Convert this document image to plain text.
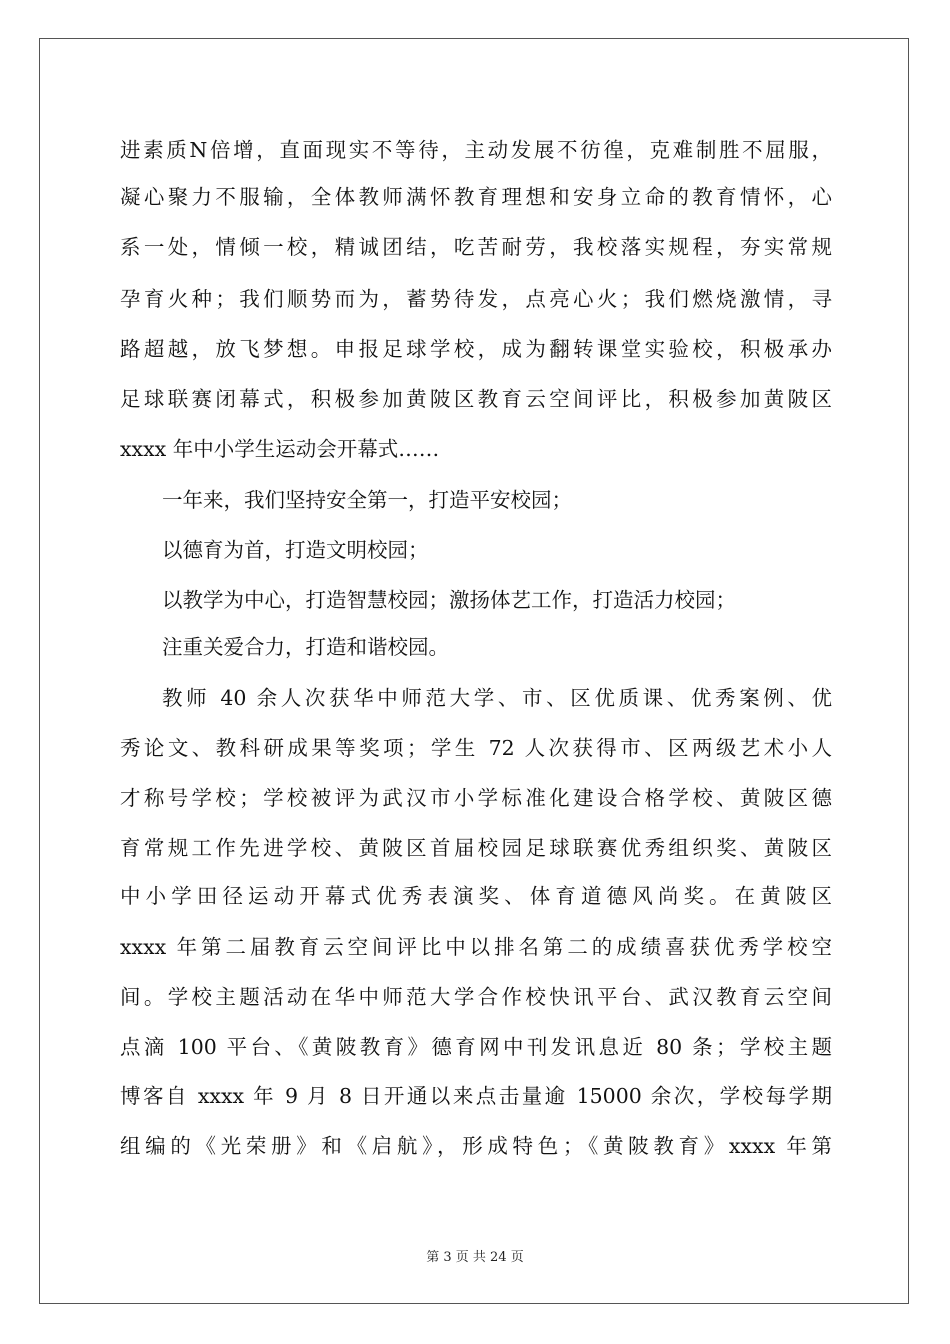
进素质N倍增，直面现实不等待，主动发展不彷徨，克难制胜不屈服，

凝心聚力不服输，全体教师满怀教育理想和安身立命的教育情怀，心

系一处，情倾一校，精诚团结，吃苦耐劳，我校落实规程，夯实常规

孕育火种；我们顺势而为，蓄势待发，点亮心火；我们燃烧激情，寻

路超越，放飞梦想。申报足球学校，成为翻转课堂实验校，积极承办

足球联赛闭幕式，积极参加黄陂区教育云空间评比，积极参加黄陂区

xxxx 年中小学生运动会开幕式……

一年来，我们坚持安全第一，打造平安校园；

以德育为首，打造文明校园；

以教学为中心，打造智慧校园；激扬体艺工作，打造活力校园；

注重关爱合力，打造和谐校园。

教师 40 余人次获华中师范大学、市、区优质课、优秀案例、优

秀论文、教科研成果等奖项；学生 72 人次获得市、区两级艺术小人

才称号学校；学校被评为武汉市小学标准化建设合格学校、黄陂区德

育常规工作先进学校、黄陂区首届校园足球联赛优秀组织奖、黄陂区

中小学田径运动开幕式优秀表演奖、体育道德风尚奖。在黄陂区

xxxx 年第二届教育云空间评比中以排名第二的成绩喜获优秀学校空

间。学校主题活动在华中师范大学合作校快讯平台、武汉教育云空间

点滴 100 平台、《黄陂教育》德育网中刊发讯息近 80 条；学校主题

博客自 xxxx 年 9 月 8 日开通以来点击量逾 15000 余次，学校每学期

组编的《光荣册》和《启航》，形成特色；《黄陂教育》xxxx 年第

第 3 页 共 24 页
